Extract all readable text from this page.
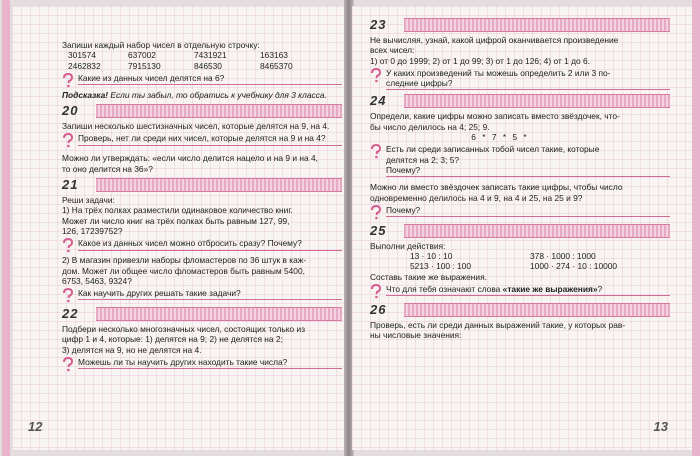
Запиши каждый набор чисел в отдельную строчку:
301574	637002	7431921	163163
2462832	7915130	846530	8465370
Какие из данных чисел делятся на 6?
Подсказка! Если ты забыл, то обратись к учебнику для 3 класса.
20
Запиши несколько шестизначных чисел, которые делятся на 9, на 4.
Проверь, нет ли среди них чисел, которые делятся на 9 и на 4?
Можно ли утверждать: «если число делится нацело и на 9 и на 4,
то оно делится на 36»?
21
Реши задачи:
1) На трёх полках разместили одинаковое количество книг.
Может ли число книг на трёх полках быть равным 127, 99,
126, 17239752?
Какое из данных чисел можно отбросить сразу? Почему?
2) В магазин привезли наборы фломастеров по 36 штук в каж-
дом. Может ли общее число фломастеров быть равным 5400,
6753, 5463, 9324?
Как научить других решать такие задачи?
22
Подбери несколько многозначных чисел, состоящих только из
цифр 1 и 4, которые: 1) делятся на 9; 2) не делятся на 2;
3) делятся на 9, но не делятся на 4.
Можешь ли ты научить других находить такие числа?
12
23
Не вычисляя, узнай, какой цифрой оканчивается произведение
всех чисел:
1) от 0 до 1999; 2) от 1 до 99; 3) от 1 до 126; 4) от 1 до 6.
У каких произведений ты можешь определить 2 или 3 по-
следние цифры?
24
Определи, какие цифры можно записать вместо звёздочек, что-
бы число делилось на 4; 25; 9.
6 * 7 * 5 *
Есть ли среди записанных тобой чисел такие, которые
делятся на 2; 3; 5?
Почему?
Можно ли вместо звёздочек записать такие цифры, чтобы число
одновременно делилось на 4 и 9, на 4 и 25, на 25 и 9?
Почему?
25
Выполни действия:
13 · 10 : 10	378 · 1000 : 1000
5213 · 100 : 100	1000 · 274 · 10 : 10000
Составь такие же выражения.
Что для тебя означают слова «такие же выражения»?
26
Проверь, есть ли среди данных выражений такие, у которых рав-
ны числовые значения:
13
